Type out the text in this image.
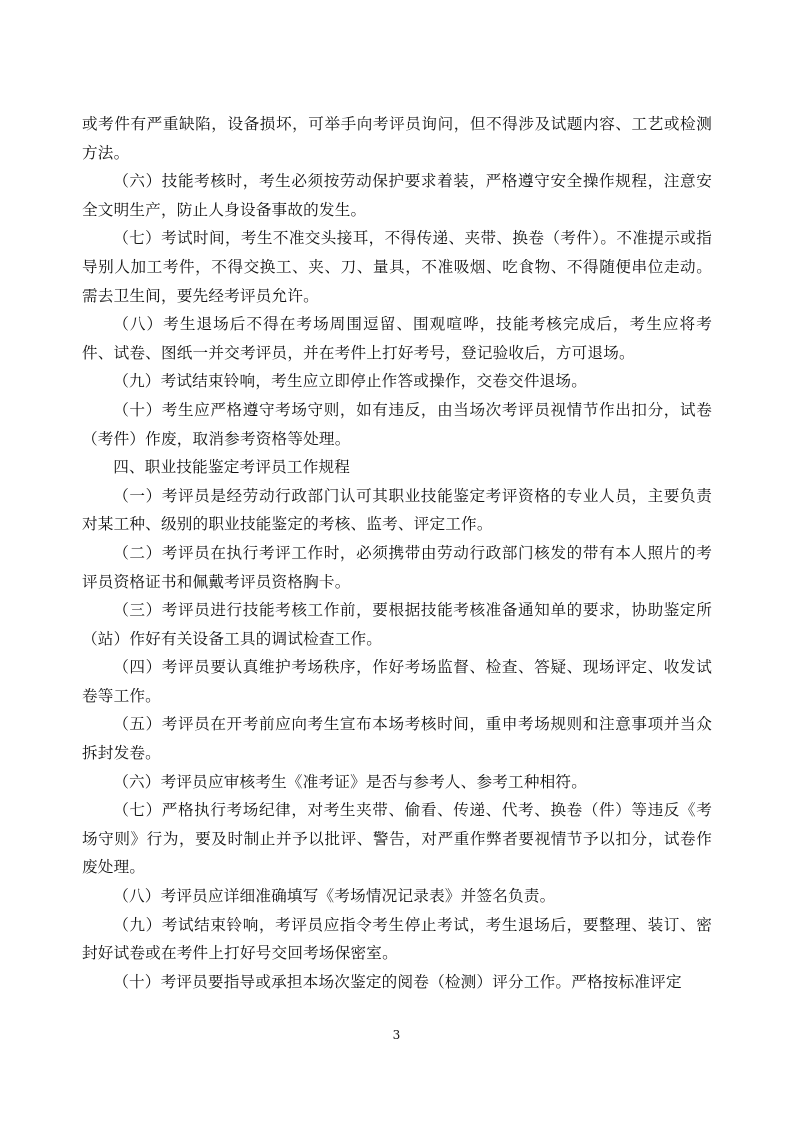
或考件有严重缺陷，设备损坏，可举手向考评员询问，但不得涉及试题内容、工艺或检测方法。

（六）技能考核时，考生必须按劳动保护要求着装，严格遵守安全操作规程，注意安全文明生产，防止人身设备事故的发生。

（七）考试时间，考生不准交头接耳，不得传递、夹带、换卷（考件）。不准提示或指导别人加工考件，不得交换工、夹、刀、量具，不准吸烟、吃食物、不得随便串位走动。需去卫生间，要先经考评员允许。

（八）考生退场后不得在考场周围逗留、围观喧哗，技能考核完成后，考生应将考件、试卷、图纸一并交考评员，并在考件上打好考号，登记验收后，方可退场。

（九）考试结束铃响，考生应立即停止作答或操作，交卷交件退场。

（十）考生应严格遵守考场守则，如有违反，由当场次考评员视情节作出扣分，试卷（考件）作废，取消参考资格等处理。

四、职业技能鉴定考评员工作规程

（一）考评员是经劳动行政部门认可其职业技能鉴定考评资格的专业人员，主要负责对某工种、级别的职业技能鉴定的考核、监考、评定工作。

（二）考评员在执行考评工作时，必须携带由劳动行政部门核发的带有本人照片的考评员资格证书和佩戴考评员资格胸卡。

（三）考评员进行技能考核工作前，要根据技能考核准备通知单的要求，协助鉴定所（站）作好有关设备工具的调试检查工作。

（四）考评员要认真维护考场秩序，作好考场监督、检查、答疑、现场评定、收发试卷等工作。

（五）考评员在开考前应向考生宣布本场考核时间，重申考场规则和注意事项并当众拆封发卷。

（六）考评员应审核考生《准考证》是否与参考人、参考工种相符。

（七）严格执行考场纪律，对考生夹带、偷看、传递、代考、换卷（件）等违反《考场守则》行为，要及时制止并予以批评、警告，对严重作弊者要视情节予以扣分，试卷作废处理。

（八）考评员应详细准确填写《考场情况记录表》并签名负责。

（九）考试结束铃响，考评员应指令考生停止考试，考生退场后，要整理、装订、密封好试卷或在考件上打好号交回考场保密室。

（十）考评员要指导或承担本场次鉴定的阅卷（检测）评分工作。严格按标准评定

3
